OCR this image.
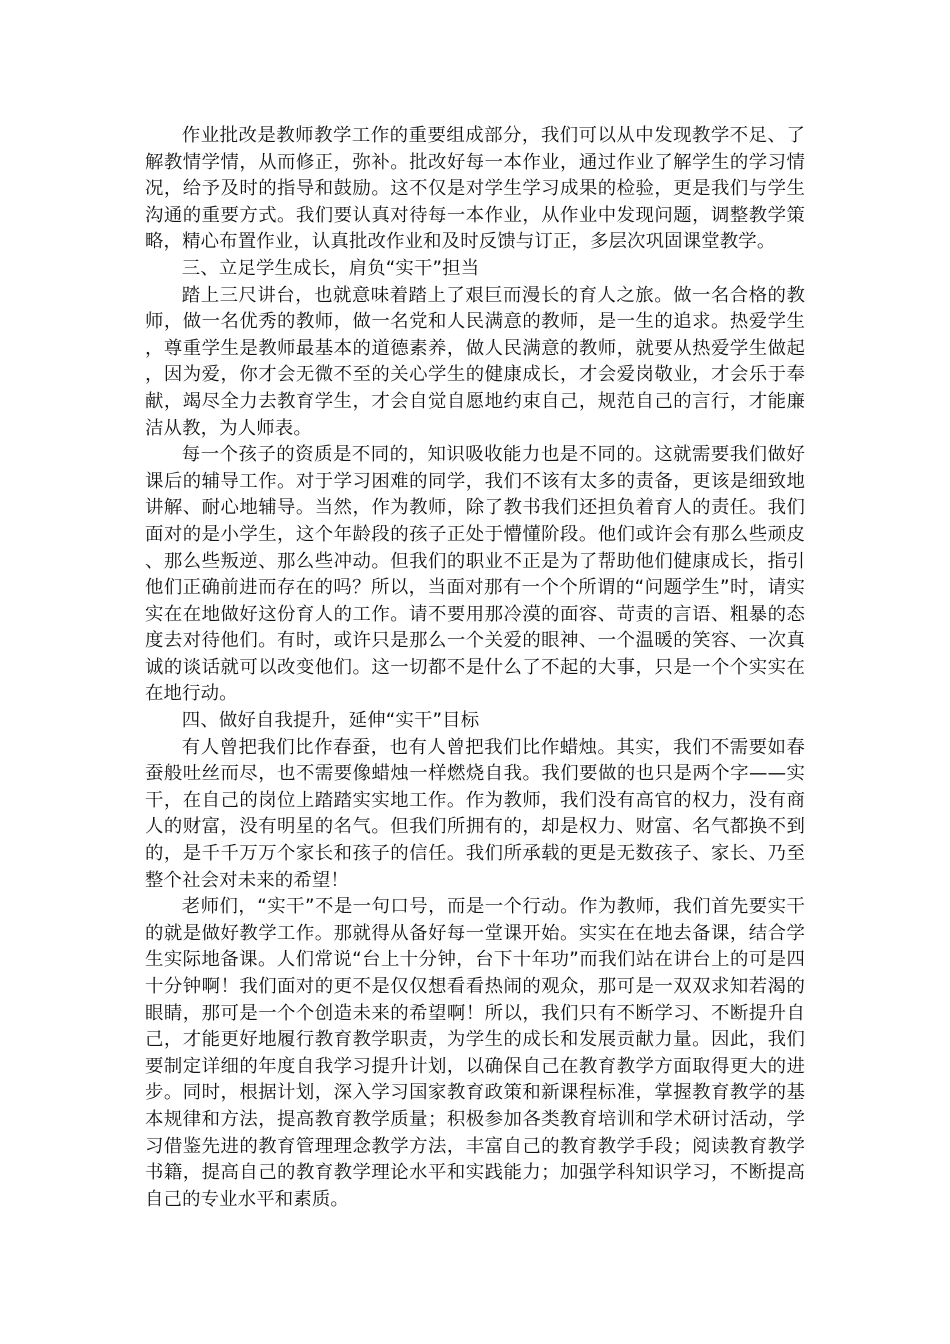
作业批改是教师教学工作的重要组成部分，我们可以从中发现教学不足、了解教情学情，从而修正，弥补。批改好每一本作业，通过作业了解学生的学习情况，给予及时的指导和鼓励。这不仅是对学生学习成果的检验，更是我们与学生沟通的重要方式。我们要认真对待每一本作业，从作业中发现问题，调整教学策略，精心布置作业，认真批改作业和及时反馈与订正，多层次巩固课堂教学。

三、立足学生成长，肩负“实干”担当

踏上三尺讲台，也就意味着踏上了艰巨而漫长的育人之旅。做一名合格的教师，做一名优秀的教师，做一名党和人民满意的教师，是一生的追求。热爱学生，尊重学生是教师最基本的道德素养，做人民满意的教师，就要从热爱学生做起，因为爱，你才会无微不至的关心学生的健康成长，才会爱岗敬业，才会乐于奉献，竭尽全力去教育学生，才会自觉自愿地约束自己，规范自己的言行，才能廉洁从教，为人师表。

每一个孩子的资质是不同的，知识吸收能力也是不同的。这就需要我们做好课后的辅导工作。对于学习困难的同学，我们不该有太多的责备，更该是细致地讲解、耐心地辅导。当然，作为教师，除了教书我们还担负着育人的责任。我们面对的是小学生，这个年龄段的孩子正处于懵懂阶段。他们或许会有那么些顽皮、那么些叛逆、那么些冲动。但我们的职业不正是为了帮助他们健康成长，指引他们正确前进而存在的吗？所以，当面对那有一个个所谓的“问题学生”时，请实实在在地做好这份育人的工作。请不要用那冷漠的面容、苛责的言语、粗暴的态度去对待他们。有时，或许只是那么一个关爱的眼神、一个温暖的笑容、一次真诚的谈话就可以改变他们。这一切都不是什么了不起的大事，只是一个个实实在在地行动。

四、做好自我提升，延伸“实干”目标

有人曾把我们比作春蚕，也有人曾把我们比作蜡烛。其实，我们不需要如春蚕般吐丝而尽，也不需要像蜡烛一样燃烧自我。我们要做的也只是两个字——实干，在自己的岗位上踏踏实实地工作。作为教师，我们没有高官的权力，没有商人的财富，没有明星的名气。但我们所拥有的，却是权力、财富、名气都换不到的，是千千万万个家长和孩子的信任。我们所承载的更是无数孩子、家长、乃至整个社会对未来的希望！

老师们，“实干”不是一句口号，而是一个行动。作为教师，我们首先要实干的就是做好教学工作。那就得从备好每一堂课开始。实实在在地去备课，结合学生实际地备课。人们常说“台上十分钟，台下十年功”而我们站在讲台上的可是四十分钟啊！我们面对的更不是仅仅想看看热闹的观众，那可是一双双求知若渴的眼睛，那可是一个个创造未来的希望啊！所以，我们只有不断学习、不断提升自己，才能更好地履行教育教学职责，为学生的成长和发展贡献力量。因此，我们要制定详细的年度自我学习提升计划，以确保自己在教育教学方面取得更大的进步。同时，根据计划，深入学习国家教育政策和新课程标准，掌握教育教学的基本规律和方法，提高教育教学质量；积极参加各类教育培训和学术研讨活动，学习借鉴先进的教育管理理念教学方法，丰富自己的教育教学手段；阅读教育教学书籍，提高自己的教育教学理论水平和实践能力；加强学科知识学习，不断提高自己的专业水平和素质。
